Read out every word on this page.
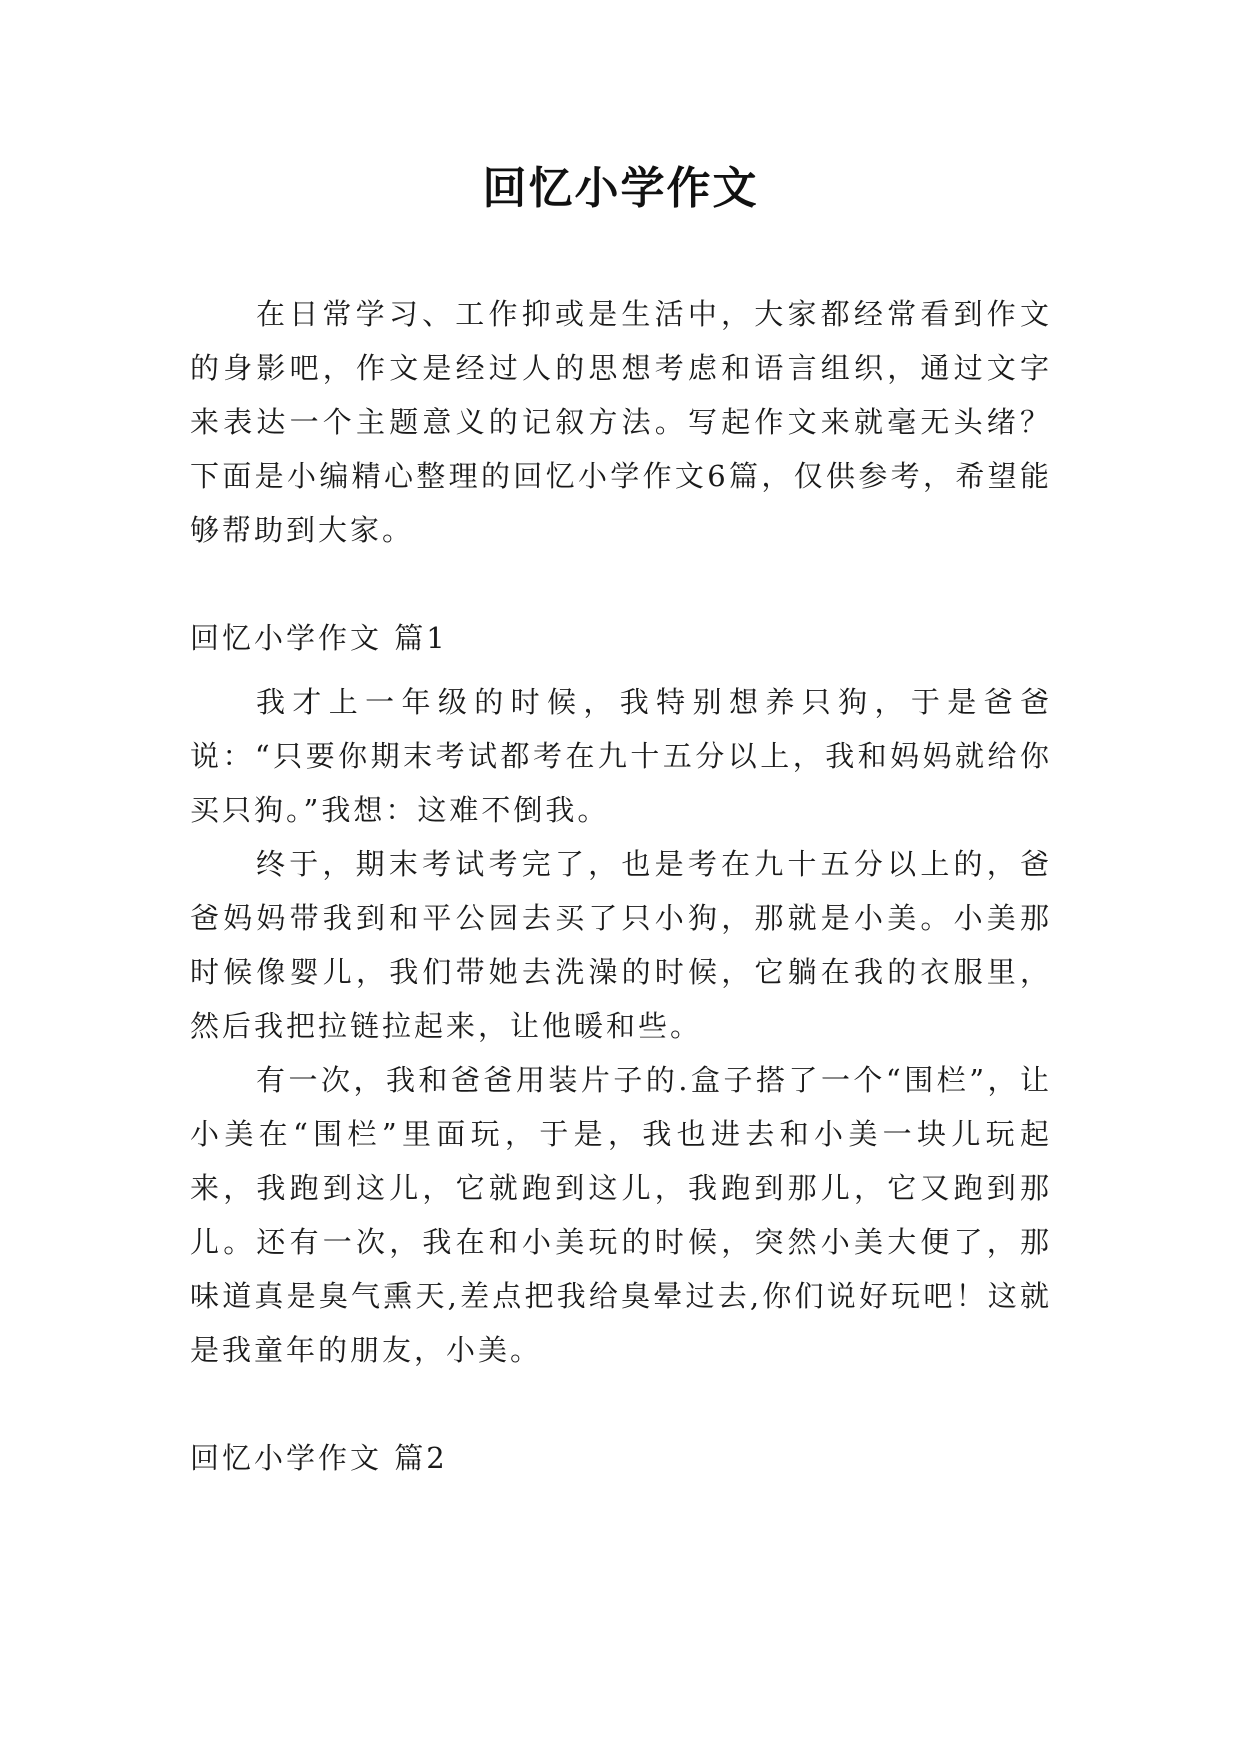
回忆小学作文

在日常学习、工作抑或是生活中，大家都经常看到作文的身影吧，作文是经过人的思想考虑和语言组织，通过文字来表达一个主题意义的记叙方法。写起作文来就毫无头绪？下面是小编精心整理的回忆小学作文6篇，仅供参考，希望能够帮助到大家。

回忆小学作文 篇1

我才上一年级的时候，我特别想养只狗，于是爸爸说：“只要你期末考试都考在九十五分以上，我和妈妈就给你买只狗。”我想：这难不倒我。

终于，期末考试考完了，也是考在九十五分以上的，爸爸妈妈带我到和平公园去买了只小狗，那就是小美。小美那时候像婴儿，我们带她去洗澡的时候，它躺在我的衣服里，然后我把拉链拉起来，让他暖和些。

有一次，我和爸爸用装片子的.盒子搭了一个“围栏”，让小美在“围栏”里面玩，于是，我也进去和小美一块儿玩起来，我跑到这儿，它就跑到这儿，我跑到那儿，它又跑到那儿。还有一次，我在和小美玩的时候，突然小美大便了，那味道真是臭气熏天,差点把我给臭晕过去,你们说好玩吧！这就是我童年的朋友，小美。

回忆小学作文 篇2
